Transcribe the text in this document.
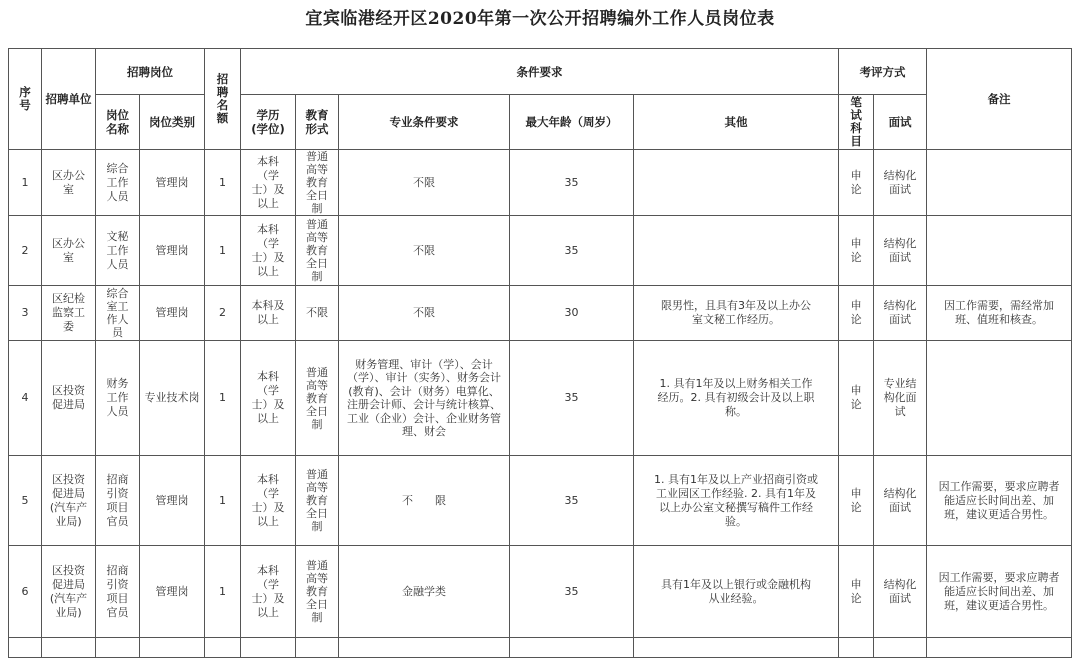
宜宾临港经开区2020年第一次公开招聘编外工作人员岗位表
序号	招聘单位	招聘岗位		招聘名额	条件要求					考评方式		备注

		岗位名称	岗位类别		学历(学位)	教育形式	专业条件要求	最大年龄（周岁）	其他	笔试科目	面试	
1	区办公室	综合工作人员	管理岗	1	本科（学士）及以上	普通高等教育全日制	不限	35		申论	结构化面试	

2	区办公室	文秘工作人员	管理岗	1	本科（学士）及以上	普通高等教育全日制	不限	35		申论	结构化面试	

3	区纪检监察工委	综合室工作人员	管理岗	2	本科及以上	不限	不限	30	限男性，且具有3年及以上办公室文秘工作经历。	申论	结构化面试	因工作需要，需经常加班、值班和核查。

4	区投资促进局	财务工作人员	专业技术岗	1	本科（学士）及以上	普通高等教育全日制	财务管理、审计（学）、会计（学）、审计（实务）、财务会计(教育)、会计（财务）电算化、注册会计师、会计与统计核算、工业（企业）会计、企业财务管理、财会	35	1. 具有1年及以上财务相关工作经历。2. 具有初级会计及以上职称。	申论	专业结构化面试	

5	区投资促进局(汽车产业局)	招商引资项目官员	管理岗	1	本科（学士）及以上	普通高等教育全日制	不　　限	35	1. 具有1年及以上产业招商引资或工业园区工作经验. 2. 具有1年及以上办公室文秘撰写稿件工作经验。	申论	结构化面试	因工作需要，要求应聘者能适应长时间出差、加班，建议更适合男性。

6	区投资促进局(汽车产业局)	招商引资项目官员	管理岗	1	本科（学士）及以上	普通高等教育全日制	金融学类	35	具有1年及以上银行或金融机构从业经验。	申论	结构化面试	因工作需要，要求应聘者能适应长时间出差、加班，建议更适合男性。
